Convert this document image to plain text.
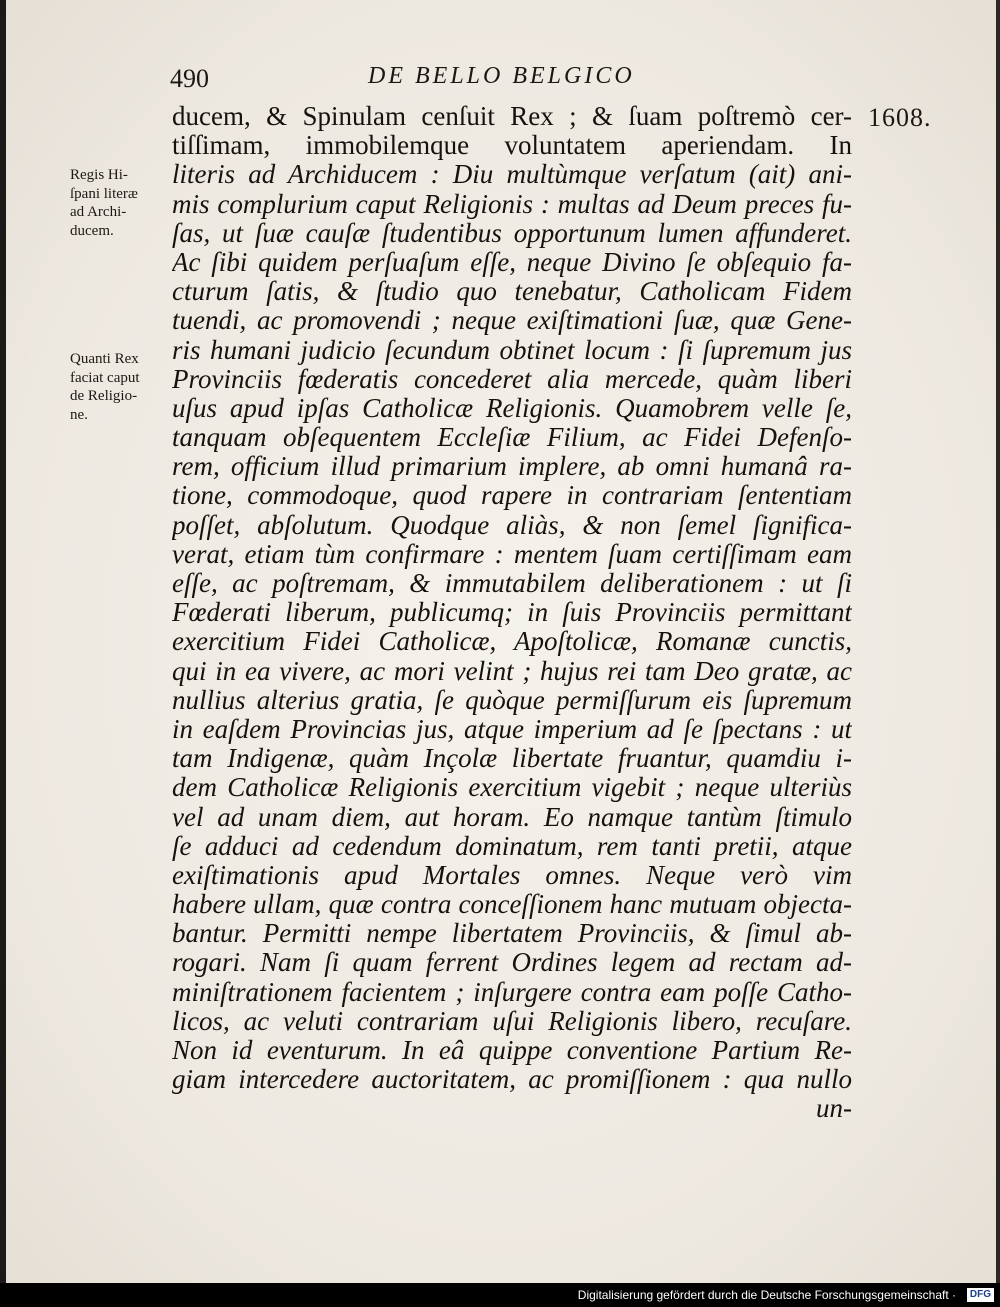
490	DE BELLO BELGICO
1608.
Regis Hi-
ſpani literæ
ad Archi-
ducem.
Quanti Rex
faciat caput
de Religio-
ne.
ducem, & Spinulam cenſuit Rex ; & ſuam poſtremò cer-
tiſſimam, immobilemque voluntatem aperiendam. In
literis ad Archiducem : Diu multùmque verſatum (ait) ani-
mis complurium caput Religionis : multas ad Deum preces fu-
ſas, ut ſuæ cauſæ ſtudentibus opportunum lumen affunderet.
Ac ſibi quidem perſuaſum eſſe, neque Divino ſe obſequio fa-
cturum ſatis, & ſtudio quo tenebatur, Catholicam Fidem
tuendi, ac promovendi ; neque exiſtimationi ſuæ, quæ Gene-
ris humani judicio ſecundum obtinet locum : ſi ſupremum jus
Provinciis fœderatis concederet alia mercede, quàm liberi
uſus apud ipſas Catholicæ Religionis. Quamobrem velle ſe,
tanquam obſequentem Eccleſiæ Filium, ac Fidei Defenſo-
rem, officium illud primarium implere, ab omni humanâ ra-
tione, commodoque, quod rapere in contrariam ſententiam
poſſet, abſolutum. Quodque aliàs, & non ſemel ſignifica-
verat, etiam tùm confirmare : mentem ſuam certiſſimam eam
eſſe, ac poſtremam, & immutabilem deliberationem : ut ſi
Fœderati liberum, publicumq; in ſuis Provinciis permittant
exercitium Fidei Catholicæ, Apoſtolicæ, Romanæ cunctis,
qui in ea vivere, ac mori velint ; hujus rei tam Deo gratæ, ac
nullius alterius gratia, ſe quòque permiſſurum eis ſupremum
in eaſdem Provincias jus, atque imperium ad ſe ſpectans : ut
tam Indigenæ, quàm Inçolæ libertate fruantur, quamdiu i-
dem Catholicæ Religionis exercitium vigebit ; neque ulteriùs
vel ad unam diem, aut horam. Eo namque tantùm ſtimulo
ſe adduci ad cedendum dominatum, rem tanti pretii, atque
exiſtimationis apud Mortales omnes. Neque verò vim
habere ullam, quæ contra conceſſionem hanc mutuam objecta-
bantur. Permitti nempe libertatem Provinciis, & ſimul ab-
rogari. Nam ſi quam ferrent Ordines legem ad rectam ad-
miniſtrationem facientem ; inſurgere contra eam poſſe Catho-
licos, ac veluti contrariam uſui Religionis libero, recuſare.
Non id eventurum. In eâ quippe conventione Partium Re-
giam intercedere auctoritatem, ac promiſſionem : qua nullo
un-
Digitalisierung gefördert durch die Deutsche Forschungsgemeinschaft ·	DFG
